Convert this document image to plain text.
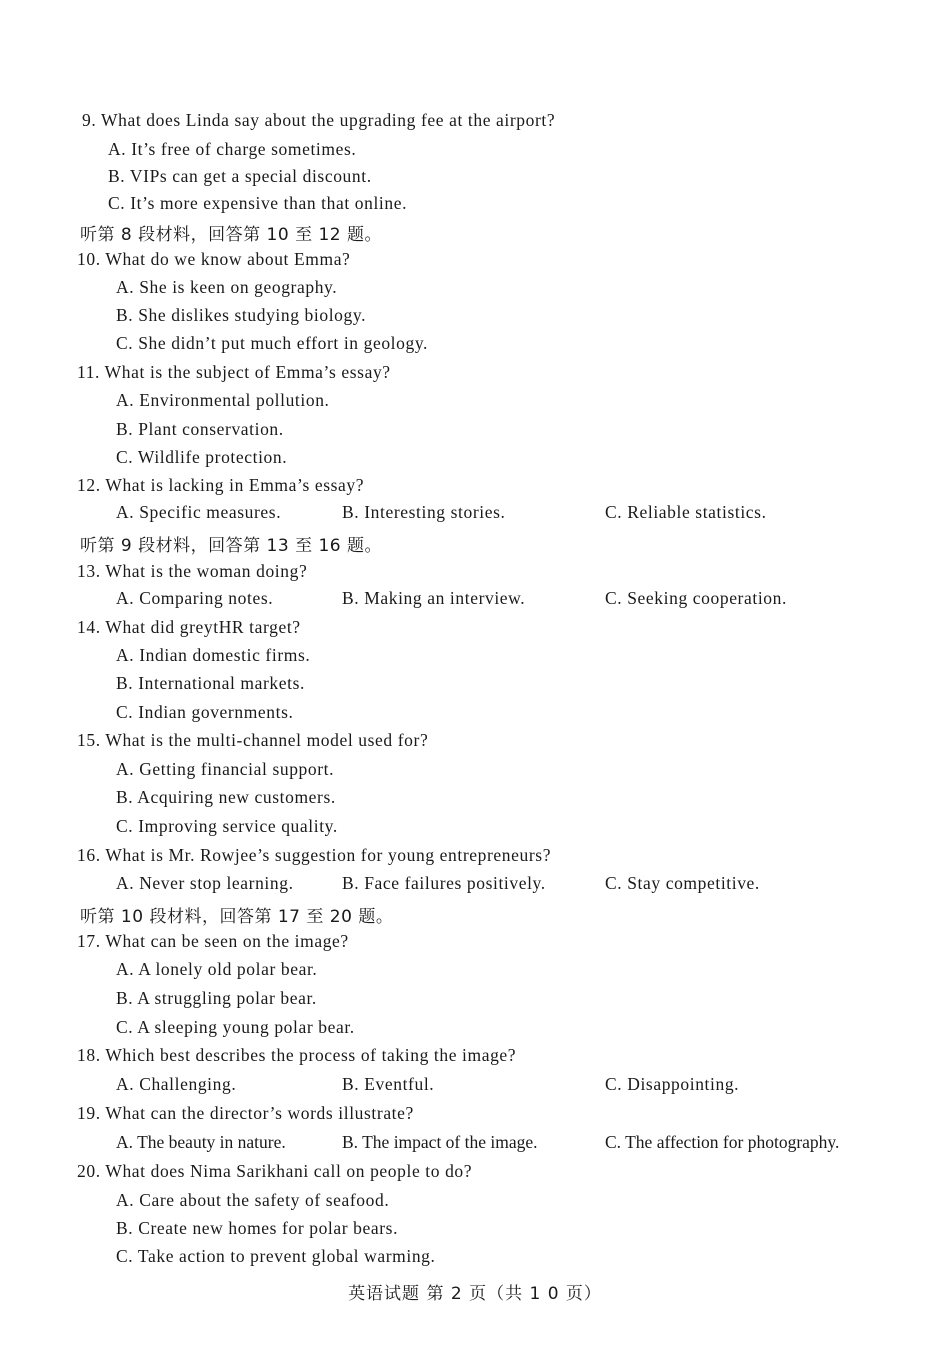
9. What does Linda say about the upgrading fee at the airport?
A. It’s free of charge sometimes.
B. VIPs can get a special discount.
C. It’s more expensive than that online.
听第 8 段材料，回答第 10 至 12 题。
10. What do we know about Emma?
A. She is keen on geography.
B. She dislikes studying biology.
C. She didn’t put much effort in geology.
11. What is the subject of Emma’s essay?
A. Environmental pollution.
B. Plant conservation.
C. Wildlife protection.
12. What is lacking in Emma’s essay?
A. Specific measures.	B. Interesting stories.	C. Reliable statistics.
听第 9 段材料，回答第 13 至 16 题。
13. What is the woman doing?
A. Comparing notes.	B. Making an interview.	C. Seeking cooperation.
14. What did greytHR target?
A. Indian domestic firms.
B. International markets.
C. Indian governments.
15. What is the multi-channel model used for?
A. Getting financial support.
B. Acquiring new customers.
C. Improving service quality.
16. What is Mr. Rowjee’s suggestion for young entrepreneurs?
A. Never stop learning.	B. Face failures positively.	C. Stay competitive.
听第 10 段材料，回答第 17 至 20 题。
17. What can be seen on the image?
A. A lonely old polar bear.
B. A struggling polar bear.
C. A sleeping young polar bear.
18. Which best describes the process of taking the image?
A. Challenging.	B. Eventful.	C. Disappointing.
19. What can the director’s words illustrate?
A. The beauty in nature.	B. The impact of the image.	C. The affection for photography.
20. What does Nima Sarikhani call on people to do?
A. Care about the safety of seafood.
B. Create new homes for polar bears.
C. Take action to prevent global warming.
英语试题 第 2 页（共 1 0 页）
